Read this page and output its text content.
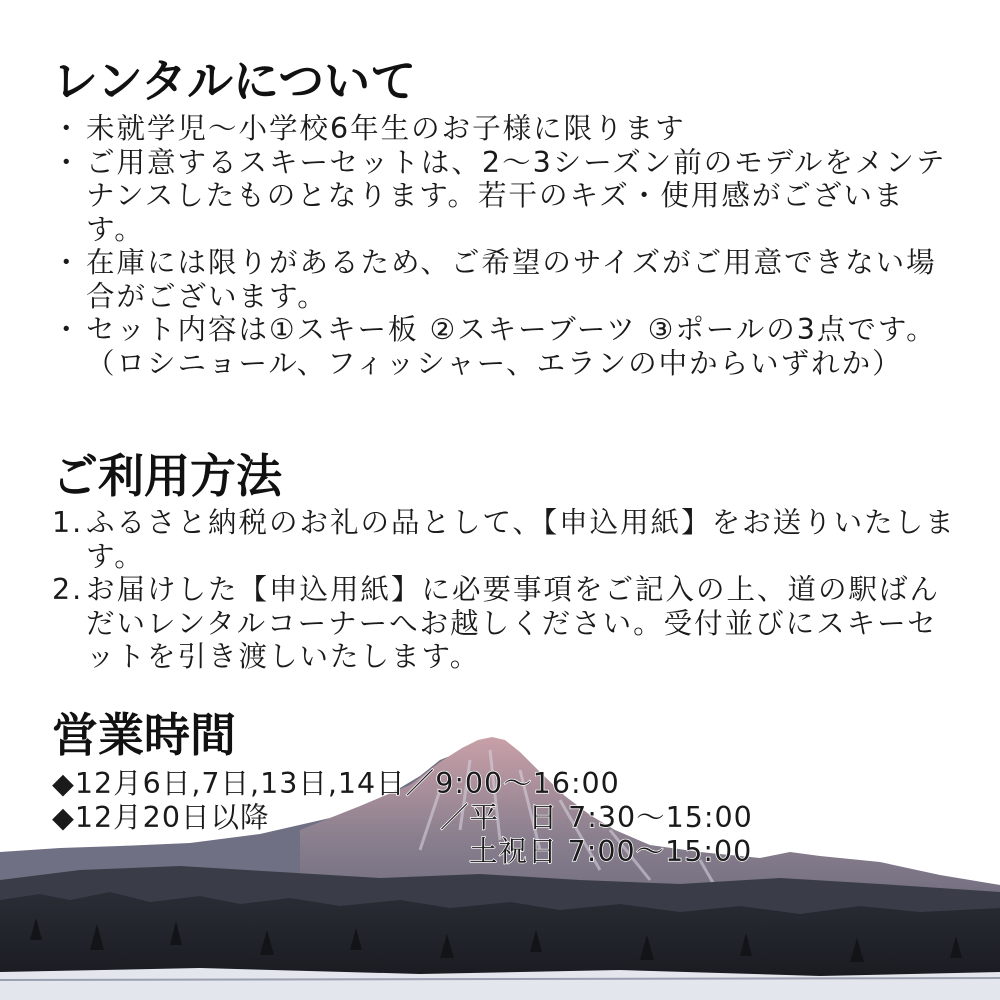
レンタルについて
・ 未就学児〜小学校6年生のお子様に限ります
・ ご用意するスキーセットは、2〜3シーズン前のモデルをメンテナンスしたものとなります。若干のキズ・使用感がございます。
・ 在庫には限りがあるため、ご希望のサイズがご用意できない場合がございます。
・ セット内容は①スキー板 ②スキーブーツ ③ポールの3点です。（ロシニョール、フィッシャー、エランの中からいずれか）
ご利用方法
1. ふるさと納税のお礼の品として、【申込用紙】をお送りいたします。
2. お届けした【申込用紙】に必要事項をご記入の上、道の駅ばんだいレンタルコーナーへお越しください。受付並びにスキーセットを引き渡しいたします。
営業時間
◆12月6日,7日,13日,14日／9:00〜16:00
◆12月20日以降	／平　日 7:30〜15:00
土祝日 7:00〜15:00
